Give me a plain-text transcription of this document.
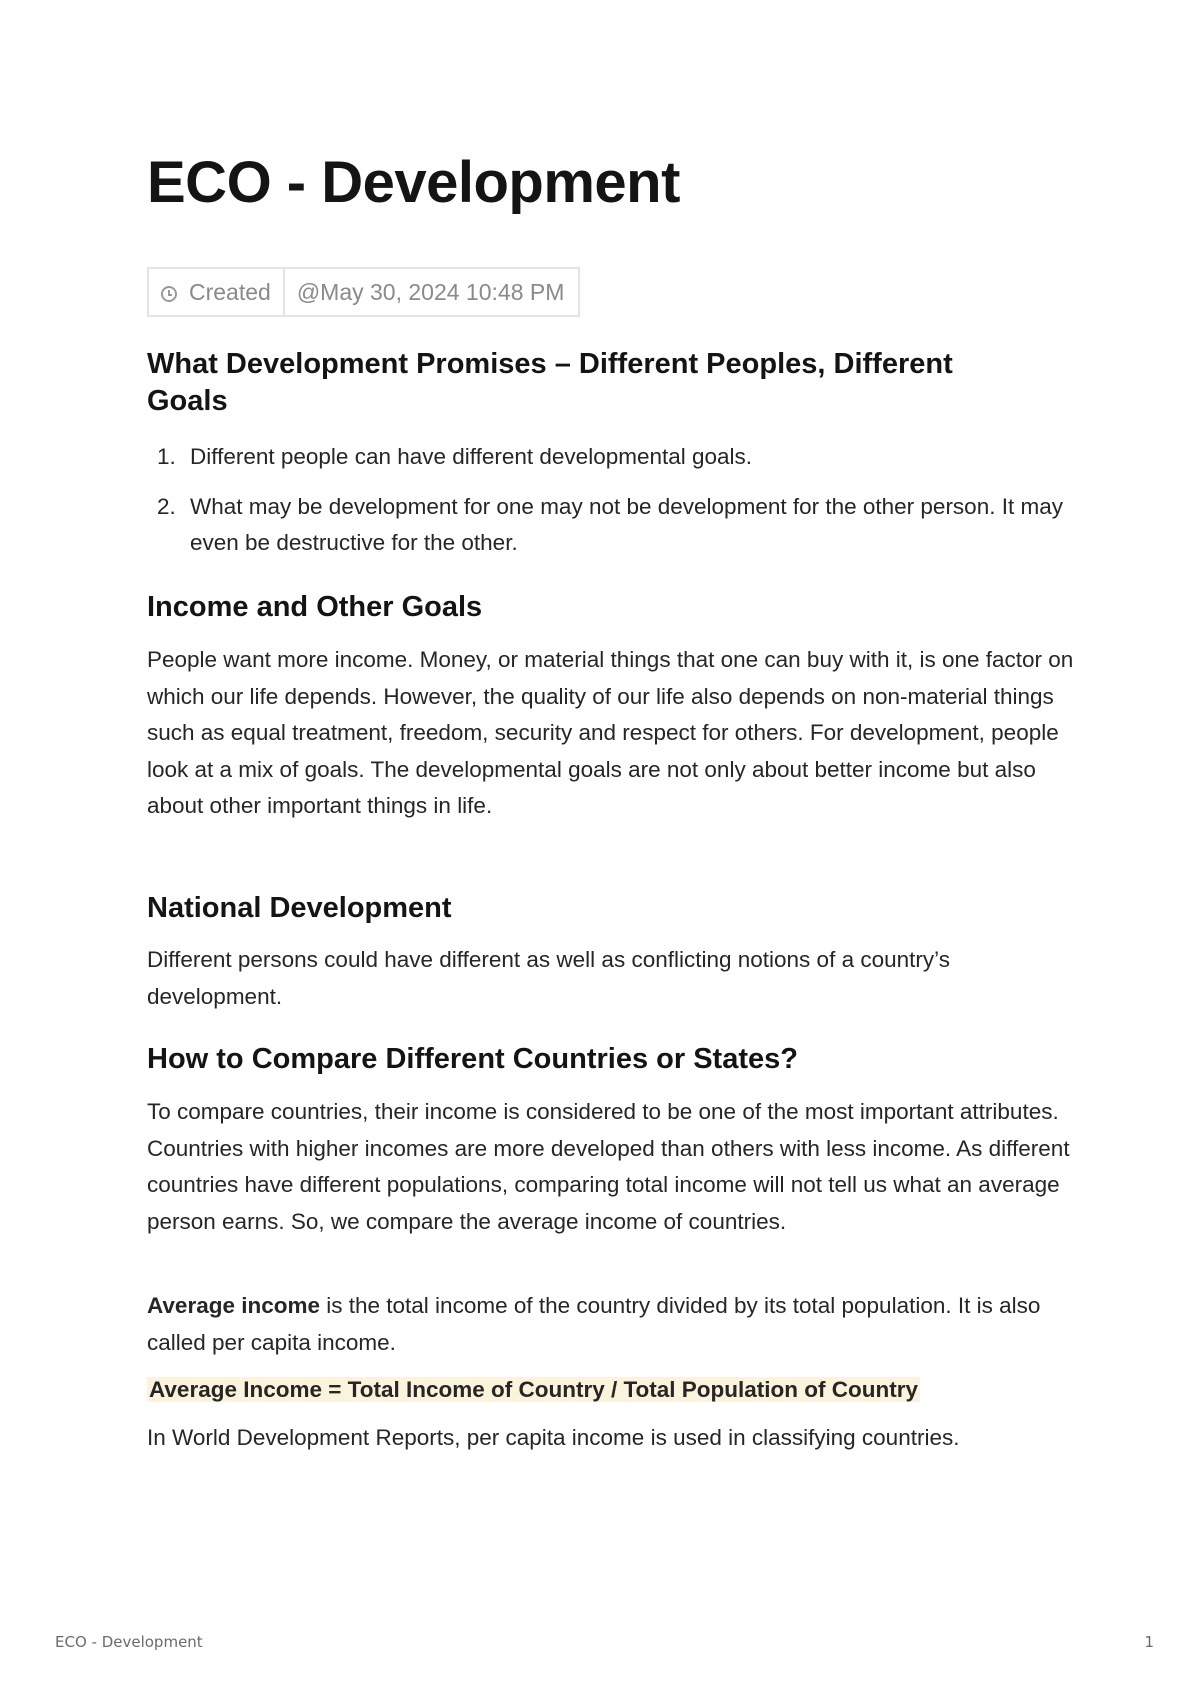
ECO - Development
Created	@May 30, 2024 10:48 PM
What Development Promises – Different Peoples, Different Goals
1. Different people can have different developmental goals.
2. What may be development for one may not be development for the other person. It may even be destructive for the other.
Income and Other Goals

People want more income. Money, or material things that one can buy with it, is one factor on which our life depends. However, the quality of our life also depends on non-material things such as equal treatment, freedom, security and respect for others. For development, people look at a mix of goals. The developmental goals are not only about better income but also about other important things in life.

National Development

Different persons could have different as well as conflicting notions of a country’s development.

How to Compare Different Countries or States?

To compare countries, their income is considered to be one of the most important attributes. Countries with higher incomes are more developed than others with less income. As different countries have different populations, comparing total income will not tell us what an average person earns. So, we compare the average income of countries.

Average income is the total income of the country divided by its total population. It is also called per capita income.

Average Income = Total Income of Country / Total Population of Country

In World Development Reports, per capita income is used in classifying countries.

ECO - Development	1
